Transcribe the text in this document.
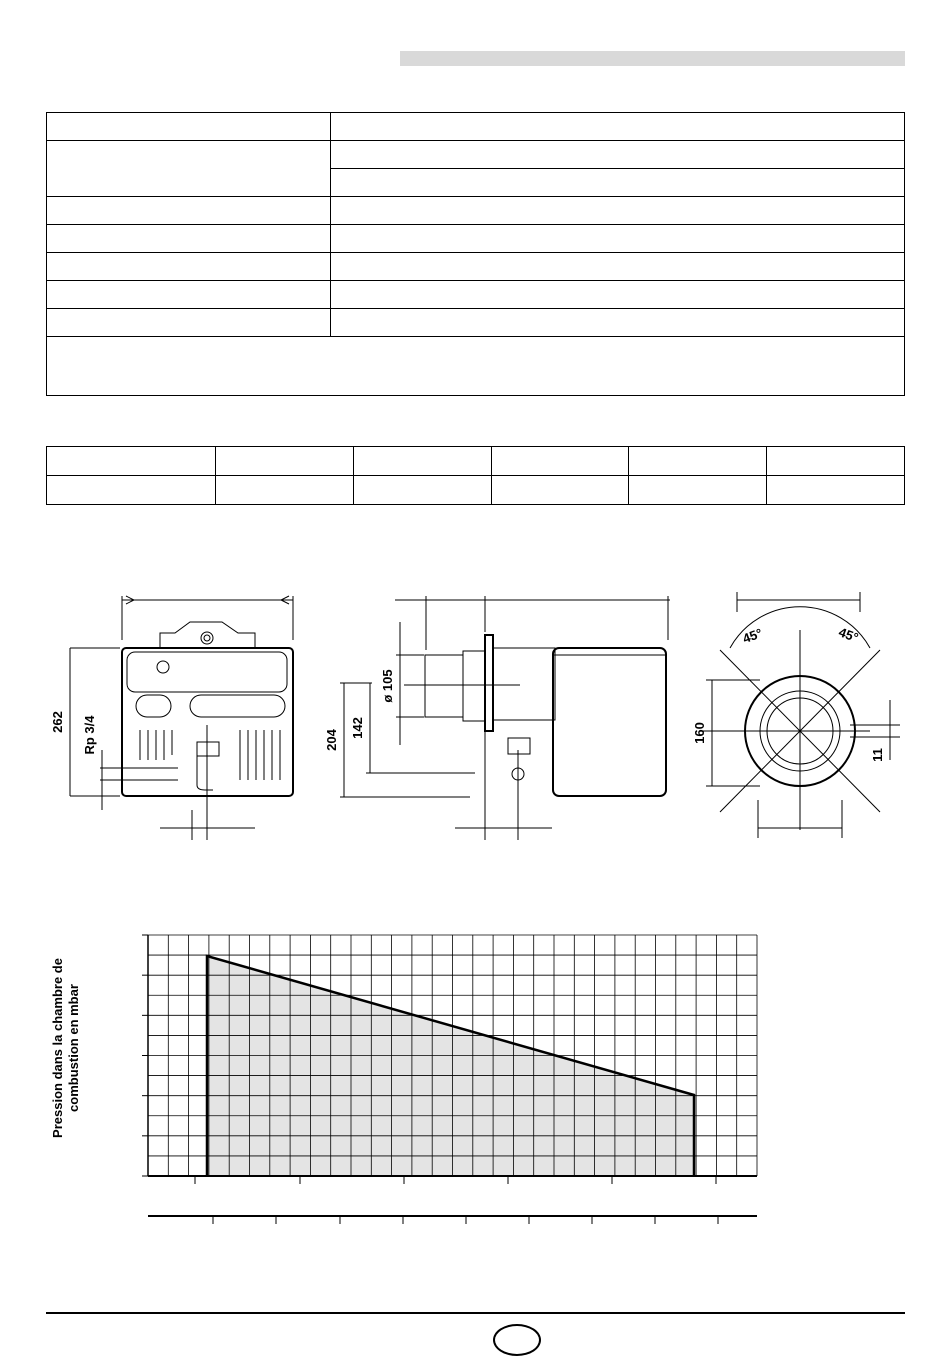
262 Rp 3/4	204
142
ø 105
45°	45°
160
11
Pression dans la chambre decombustion en mbar
